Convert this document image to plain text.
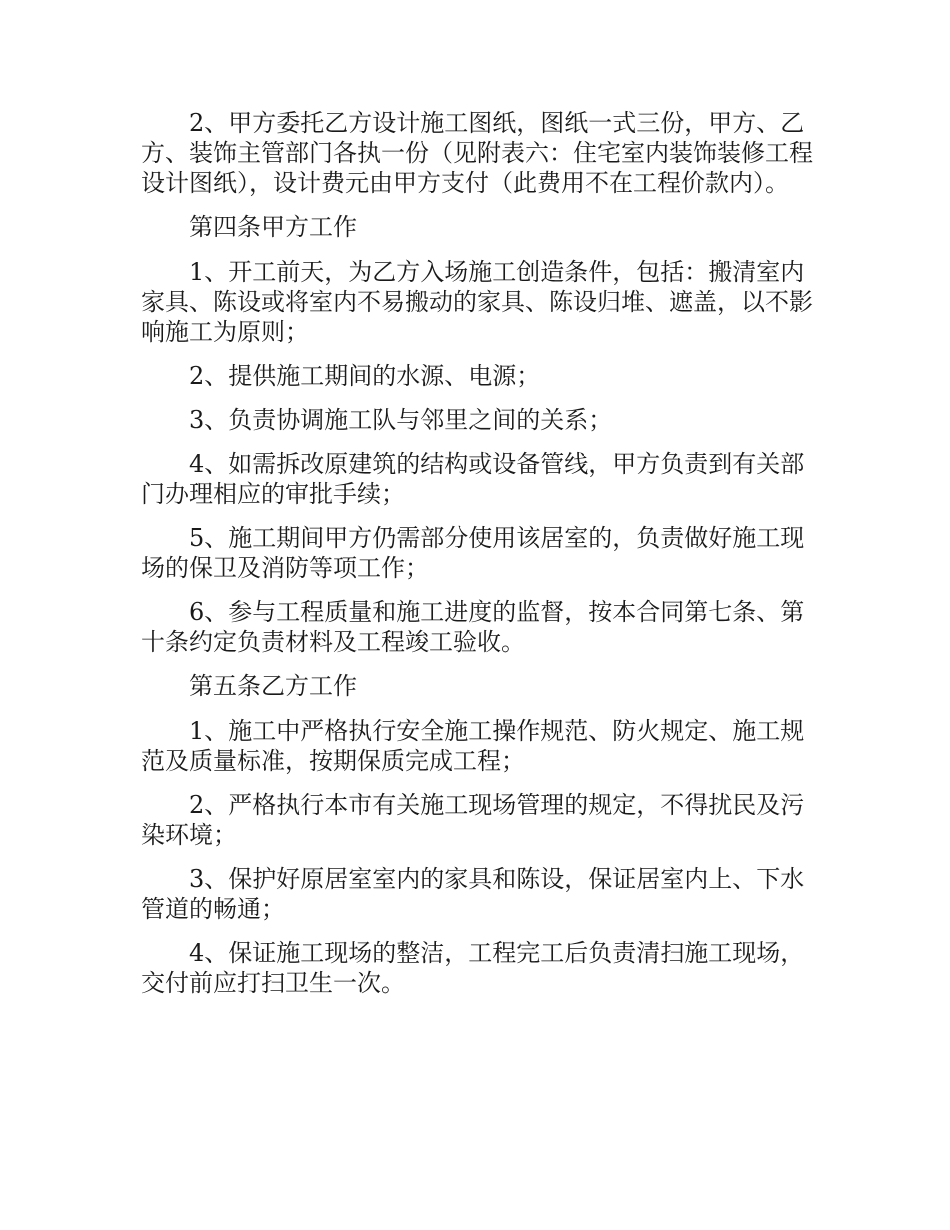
2、甲方委托乙方设计施工图纸，图纸一式三份，甲方、乙方、装饰主管部门各执一份（见附表六：住宅室内装饰装修工程设计图纸），设计费元由甲方支付（此费用不在工程价款内）。

第四条甲方工作

1、开工前天，为乙方入场施工创造条件，包括：搬清室内家具、陈设或将室内不易搬动的家具、陈设归堆、遮盖，以不影响施工为原则；

2、提供施工期间的水源、电源；

3、负责协调施工队与邻里之间的关系；

4、如需拆改原建筑的结构或设备管线，甲方负责到有关部门办理相应的审批手续；

5、施工期间甲方仍需部分使用该居室的，负责做好施工现场的保卫及消防等项工作；

6、参与工程质量和施工进度的监督，按本合同第七条、第十条约定负责材料及工程竣工验收。

第五条乙方工作

1、施工中严格执行安全施工操作规范、防火规定、施工规范及质量标准，按期保质完成工程；

2、严格执行本市有关施工现场管理的规定，不得扰民及污染环境；

3、保护好原居室室内的家具和陈设，保证居室内上、下水管道的畅通；

4、保证施工现场的整洁，工程完工后负责清扫施工现场，交付前应打扫卫生一次。
